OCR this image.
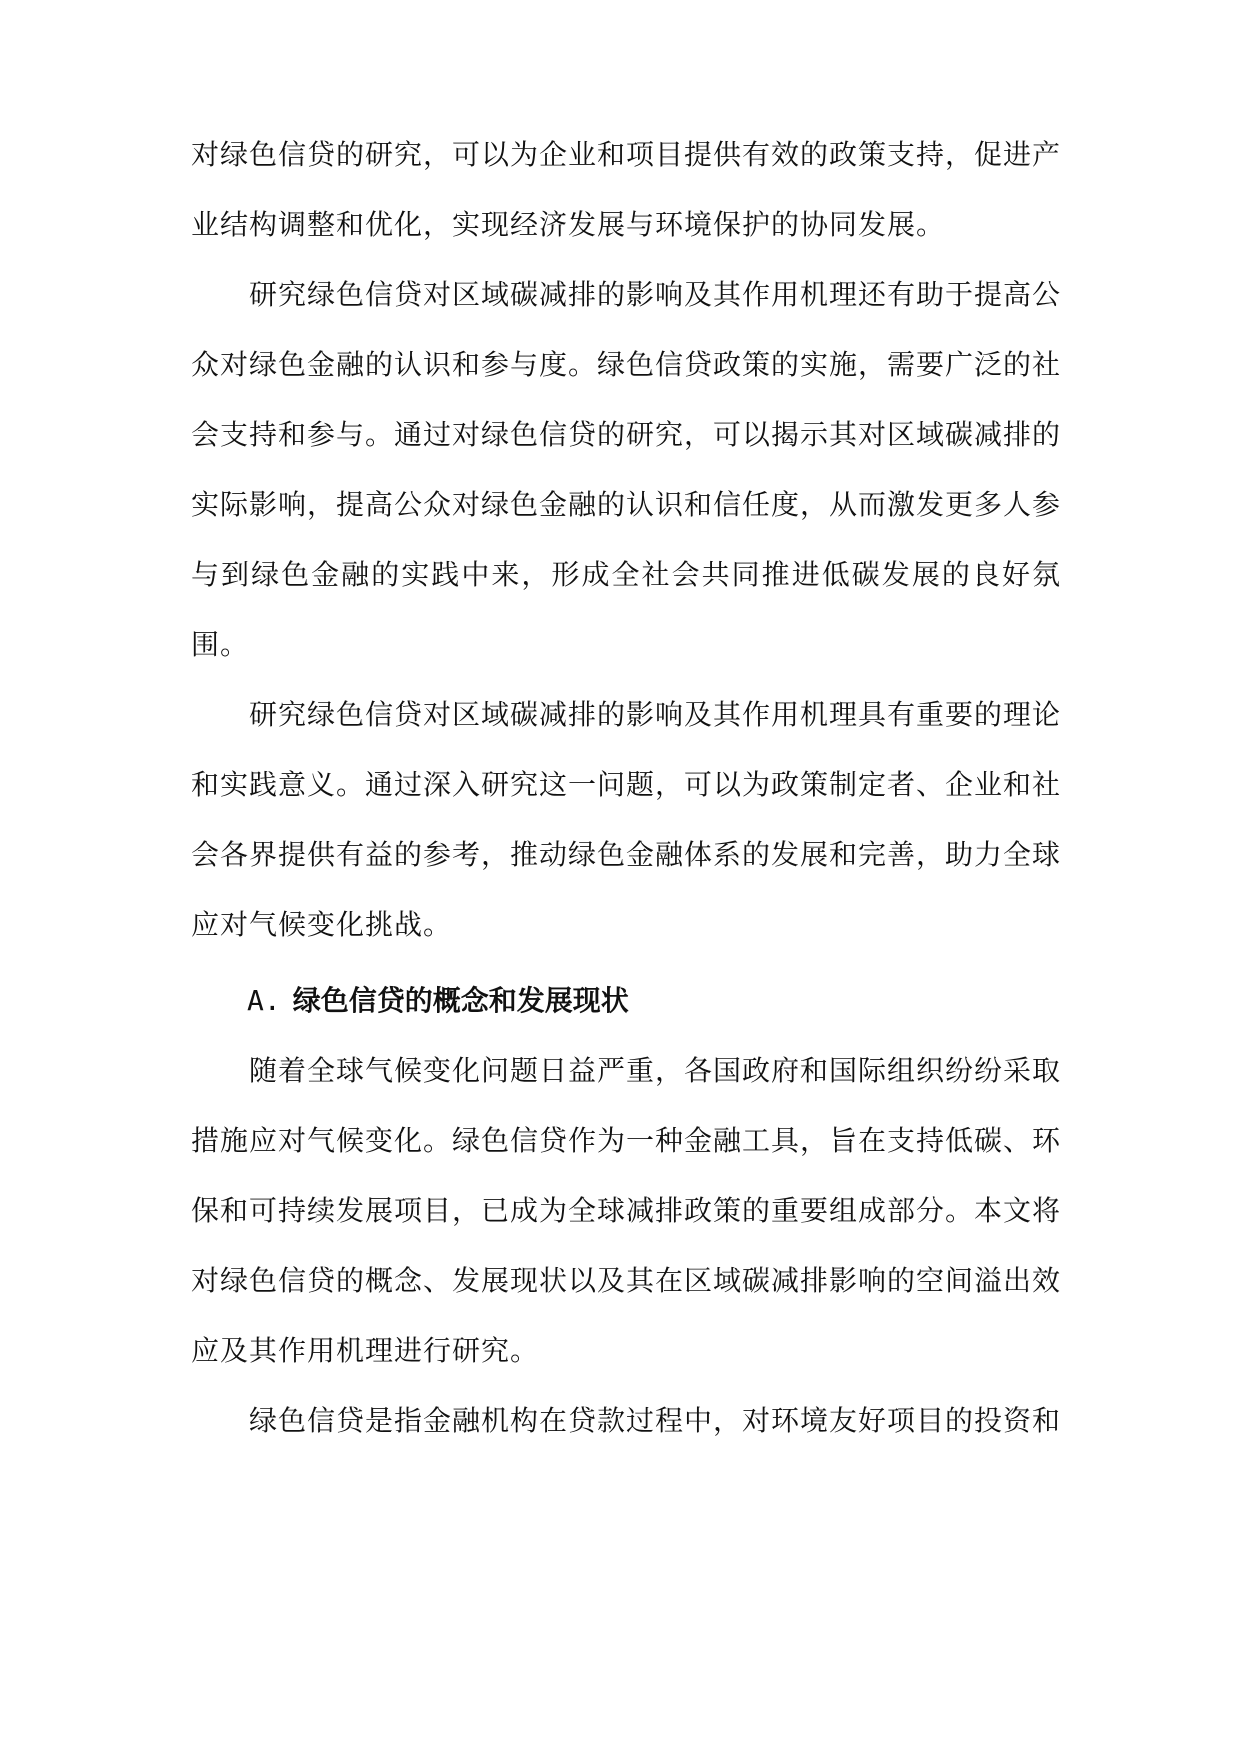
对绿色信贷的研究，可以为企业和项目提供有效的政策支持，促进产业结构调整和优化，实现经济发展与环境保护的协同发展。

研究绿色信贷对区域碳减排的影响及其作用机理还有助于提高公众对绿色金融的认识和参与度。绿色信贷政策的实施，需要广泛的社会支持和参与。通过对绿色信贷的研究，可以揭示其对区域碳减排的实际影响，提高公众对绿色金融的认识和信任度，从而激发更多人参与到绿色金融的实践中来，形成全社会共同推进低碳发展的良好氛围。

研究绿色信贷对区域碳减排的影响及其作用机理具有重要的理论和实践意义。通过深入研究这一问题，可以为政策制定者、企业和社会各界提供有益的参考，推动绿色金融体系的发展和完善，助力全球应对气候变化挑战。

A. 绿色信贷的概念和发展现状

随着全球气候变化问题日益严重，各国政府和国际组织纷纷采取措施应对气候变化。绿色信贷作为一种金融工具，旨在支持低碳、环保和可持续发展项目，已成为全球减排政策的重要组成部分。本文将对绿色信贷的概念、发展现状以及其在区域碳减排影响的空间溢出效应及其作用机理进行研究。

绿色信贷是指金融机构在贷款过程中，对环境友好项目的投资和
